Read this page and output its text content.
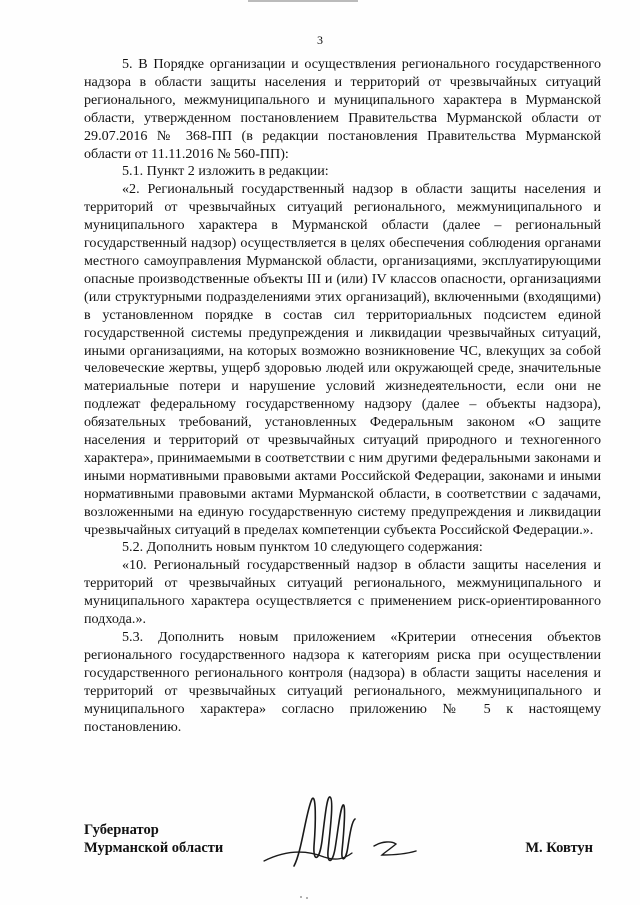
3

5. В Порядке организации и осуществления регионального государственного надзора в области защиты населения и территорий от чрезвычайных ситуаций регионального, межмуниципального и муниципального характера в Мурманской области, утвержденном постановлением Правительства Мурманской области от 29.07.2016 № 368-ПП (в редакции постановления Правительства Мурманской области от 11.11.2016 № 560-ПП):

5.1. Пункт 2 изложить в редакции:

«2. Региональный государственный надзор в области защиты населения и территорий от чрезвычайных ситуаций регионального, межмуниципального и муниципального характера в Мурманской области (далее – региональный государственный надзор) осуществляется в целях обеспечения соблюдения органами местного самоуправления Мурманской области, организациями, эксплуатирующими опасные производственные объекты III и (или) IV классов опасности, организациями (или структурными подразделениями этих организаций), включенными (входящими) в установленном порядке в состав сил территориальных подсистем единой государственной системы предупреждения и ликвидации чрезвычайных ситуаций, иными организациями, на которых возможно возникновение ЧС, влекущих за собой человеческие жертвы, ущерб здоровью людей или окружающей среде, значительные материальные потери и нарушение условий жизнедеятельности, если они не подлежат федеральному государственному надзору (далее – объекты надзора), обязательных требований, установленных Федеральным законом «О защите населения и территорий от чрезвычайных ситуаций природного и техногенного характера», принимаемыми в соответствии с ним другими федеральными законами и иными нормативными правовыми актами Российской Федерации, законами и иными нормативными правовыми актами Мурманской области, в соответствии с задачами, возложенными на единую государственную систему предупреждения и ликвидации чрезвычайных ситуаций в пределах компетенции субъекта Российской Федерации.».

5.2. Дополнить новым пунктом 10 следующего содержания:

«10. Региональный государственный надзор в области защиты населения и территорий от чрезвычайных ситуаций регионального, межмуниципального и муниципального характера осуществляется с применением риск-ориентированного подхода.».

5.3. Дополнить новым приложением «Критерии отнесения объектов регионального государственного надзора к категориям риска при осуществлении государственного регионального контроля (надзора) в области защиты населения и территорий от чрезвычайных ситуаций регионального, межмуниципального и муниципального характера» согласно приложению № 5 к настоящему постановлению.

Губернатор
Мурманской области	М. Ковтун
